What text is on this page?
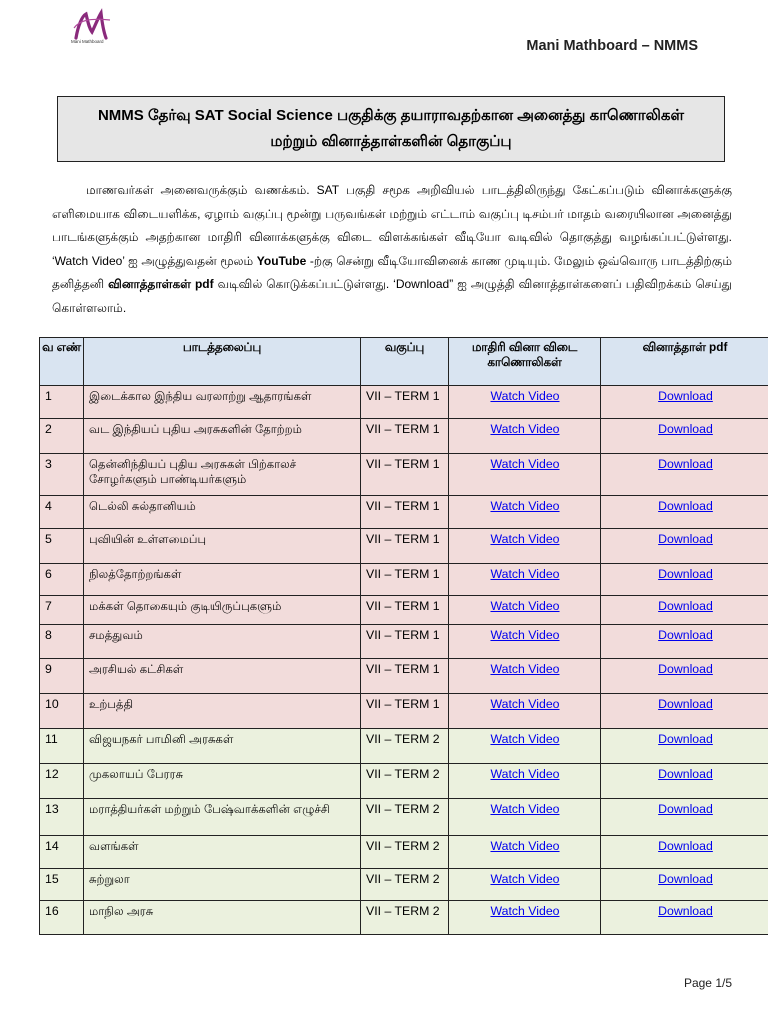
Mani Mathboard	Mani Mathboard – NMMS
NMMS தேர்வு SAT Social Science பகுதிக்கு தயாராவதற்கான அனைத்து காணொலிகள்
மற்றும் வினாத்தாள்களின் தொகுப்பு
மாணவர்கள் அனைவருக்கும் வணக்கம். SAT பகுதி சமூக அறிவியல் பாடத்திலிருந்து கேட்கப்படும் வினாக்களுக்கு எளிமையாக விடையளிக்க, ஏழாம் வகுப்பு மூன்று பருவங்கள் மற்றும் எட்டாம் வகுப்பு டிசம்பர் மாதம் வரையிலான அனைத்து பாடங்களுக்கும் அதற்கான மாதிரி வினாக்களுக்கு விடை விளக்கங்கள் வீடியோ வடிவில் தொகுத்து வழங்கப்பட்டுள்ளது. ‘Watch Video’ ஐ அழுத்துவதன் மூலம் YouTube -ற்கு சென்று வீடியோவினைக் காண முடியும். மேலும் ஒவ்வொரு பாடத்திற்கும் தனித்தனி வினாத்தாள்கள் pdf வடிவில் கொடுக்கப்பட்டுள்ளது. ‘Download” ஐ அழுத்தி வினாத்தாள்களைப் பதிவிறக்கம் செய்து கொள்ளலாம்.
வ எண்	பாடத்தலைப்பு	வகுப்பு	மாதிரி வினா விடை காணொலிகள்	வினாத்தாள் pdf
1	இடைக்கால இந்திய வரலாற்று ஆதாரங்கள்	VII – TERM 1	Watch Video	Download
2	வட இந்தியப் புதிய அரசுகளின் தோற்றம்	VII – TERM 1	Watch Video	Download
3	தென்னிந்தியப் புதிய அரசுகள் பிற்காலச் சோழர்களும் பாண்டியர்களும்	VII – TERM 1	Watch Video	Download
4	டெல்லி சுல்தானியம்	VII – TERM 1	Watch Video	Download
5	புவியின் உள்ளமைப்பு	VII – TERM 1	Watch Video	Download
6	நிலத்தோற்றங்கள்	VII – TERM 1	Watch Video	Download
7	மக்கள் தொகையும் குடியிருப்புகளும்	VII – TERM 1	Watch Video	Download
8	சமத்துவம்	VII – TERM 1	Watch Video	Download
9	அரசியல் கட்சிகள்	VII – TERM 1	Watch Video	Download
10	உற்பத்தி	VII – TERM 1	Watch Video	Download
11	விஜயநகர் பாமினி அரசுகள்	VII – TERM 2	Watch Video	Download
12	முகலாயப் பேரரசு	VII – TERM 2	Watch Video	Download
13	மராத்தியர்கள் மற்றும் பேஷ்வாக்களின் எழுச்சி	VII – TERM 2	Watch Video	Download
14	வளங்கள்	VII – TERM 2	Watch Video	Download
15	சுற்றுலா	VII – TERM 2	Watch Video	Download
16	மாநில அரசு	VII – TERM 2	Watch Video	Download
Page 1/5
